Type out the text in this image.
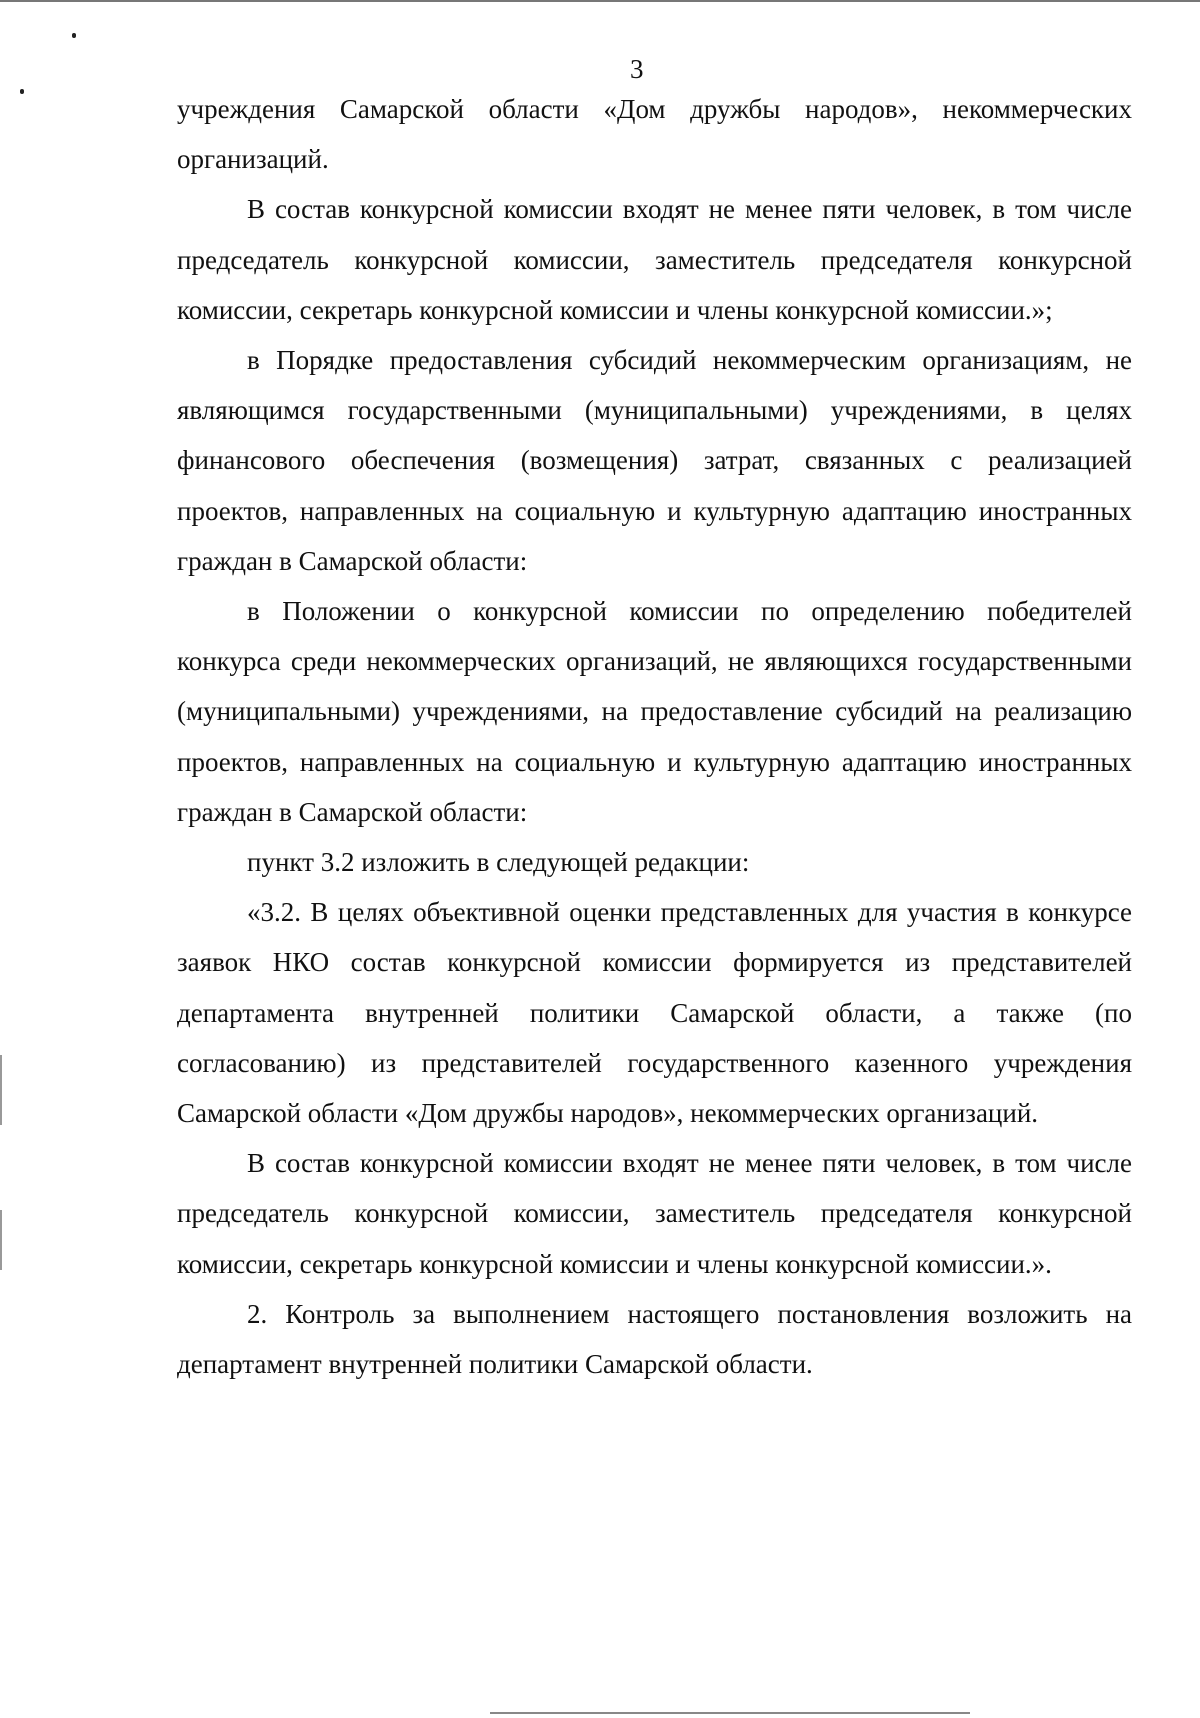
3

учреждения Самарской области «Дом дружбы народов», некоммерческих организаций.

В состав конкурсной комиссии входят не менее пяти человек, в том числе председатель конкурсной комиссии, заместитель председателя конкурсной комиссии, секретарь конкурсной комиссии и члены конкурсной комиссии.»;

в Порядке предоставления субсидий некоммерческим организациям, не являющимся государственными (муниципальными) учреждениями, в целях финансового обеспечения (возмещения) затрат, связанных с реализацией проектов, направленных на социальную и культурную адаптацию иностранных граждан в Самарской области:

в Положении о конкурсной комиссии по определению победителей конкурса среди некоммерческих организаций, не являющихся государственными (муниципальными) учреждениями, на предоставление субсидий на реализацию проектов, направленных на социальную и культурную адаптацию иностранных граждан в Самарской области:

пункт 3.2 изложить в следующей редакции:

«3.2. В целях объективной оценки представленных для участия в конкурсе заявок НКО состав конкурсной комиссии формируется из представителей департамента внутренней политики Самарской области, а также (по согласованию) из представителей государственного казенного учреждения Самарской области «Дом дружбы народов», некоммерческих организаций.

В состав конкурсной комиссии входят не менее пяти человек, в том числе председатель конкурсной комиссии, заместитель председателя конкурсной комиссии, секретарь конкурсной комиссии и члены конкурсной комиссии.».

2. Контроль за выполнением настоящего постановления возложить на департамент внутренней политики Самарской области.
